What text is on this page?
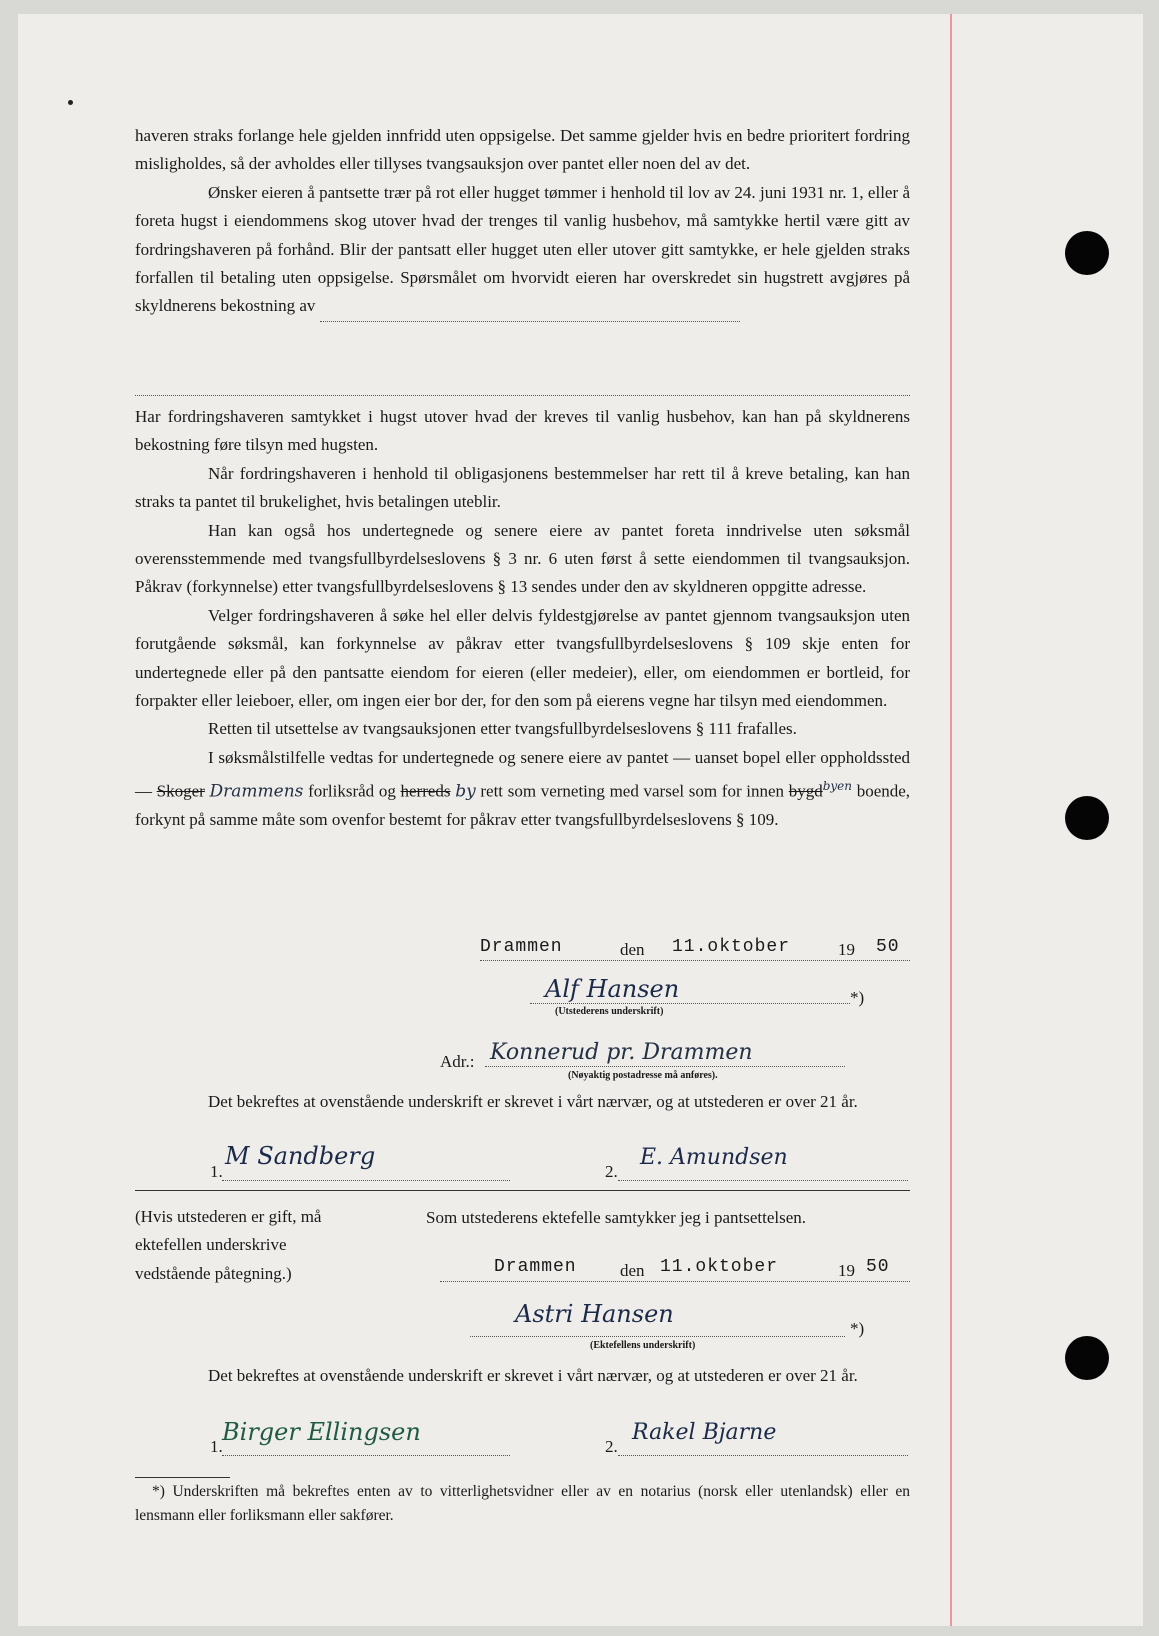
haveren straks forlange hele gjelden innfridd uten oppsigelse. Det samme gjelder hvis en bedre prioritert fordring misligholdes, så der avholdes eller tillyses tvangsauksjon over pantet eller noen del av det.

Ønsker eieren å pantsette trær på rot eller hugget tømmer i henhold til lov av 24. juni 1931 nr. 1, eller å foreta hugst i eiendommens skog utover hvad der trenges til vanlig husbehov, må samtykke hertil være gitt av fordringshaveren på forhånd. Blir der pantsatt eller hugget uten eller utover gitt samtykke, er hele gjelden straks forfallen til betaling uten oppsigelse. Spørsmålet om hvorvidt eieren har overskredet sin hugstrett avgjøres på skyldnerens bekostning av

Har fordringshaveren samtykket i hugst utover hvad der kreves til vanlig husbehov, kan han på skyldnerens bekostning føre tilsyn med hugsten.

Når fordringshaveren i henhold til obligasjonens bestemmelser har rett til å kreve betaling, kan han straks ta pantet til brukelighet, hvis betalingen uteblir.

Han kan også hos undertegnede og senere eiere av pantet foreta inndrivelse uten søksmål overensstemmende med tvangsfullbyrdelseslovens § 3 nr. 6 uten først å sette eiendommen til tvangsauksjon. Påkrav (forkynnelse) etter tvangsfullbyrdelseslovens § 13 sendes under den av skyldneren oppgitte adresse.

Velger fordringshaveren å søke hel eller delvis fyldestgjørelse av pantet gjennom tvangsauksjon uten forutgående søksmål, kan forkynnelse av påkrav etter tvangsfullbyrdelseslovens § 109 skje enten for undertegnede eller på den pantsatte eiendom for eieren (eller medeier), eller, om eiendommen er bortleid, for forpakter eller leieboer, eller, om ingen eier bor der, for den som på eierens vegne har tilsyn med eiendommen.

Retten til utsettelse av tvangsauksjonen etter tvangsfullbyrdelseslovens § 111 frafalles.

I søksmålstilfelle vedtas for undertegnede og senere eiere av pantet — uanset bopel eller oppholdssted — Skoger Drammens forliksråd og herreds by rett som verneting med varsel som for innen bygd$^{byen}$ boende, forkynt på samme måte som ovenfor bestemt for påkrav etter tvangsfullbyrdelseslovens § 109.

Drammen	den 11.oktober	19 50
Alf Hansen
(Utstederens underskrift)
*)
Adr.: Konnerud pr. Drammen
(Nøyaktig postadresse må anføres).

Det bekreftes at ovenstående underskrift er skrevet i vårt nærvær, og at utstederen er over 21 år.

1.
M Sandberg
2.
E. Amundsen
(Hvis utstederen er gift, må ektefellen underskrive vedstående påtegning.)
Som utstederens ektefelle samtykker jeg i pantsettelsen.
Drammen	den 11.oktober	19 50
Astri Hansen
(Ektefellens underskrift)
*)

Det bekreftes at ovenstående underskrift er skrevet i vårt nærvær, og at utstederen er over 21 år.

1.
Birger Ellingsen
2.
Rakel Bjarne
*) Underskriften må bekreftes enten av to vitterlighetsvidner eller av en notarius (norsk eller utenlandsk) eller en lensmann eller forliksmann eller sakfører.
